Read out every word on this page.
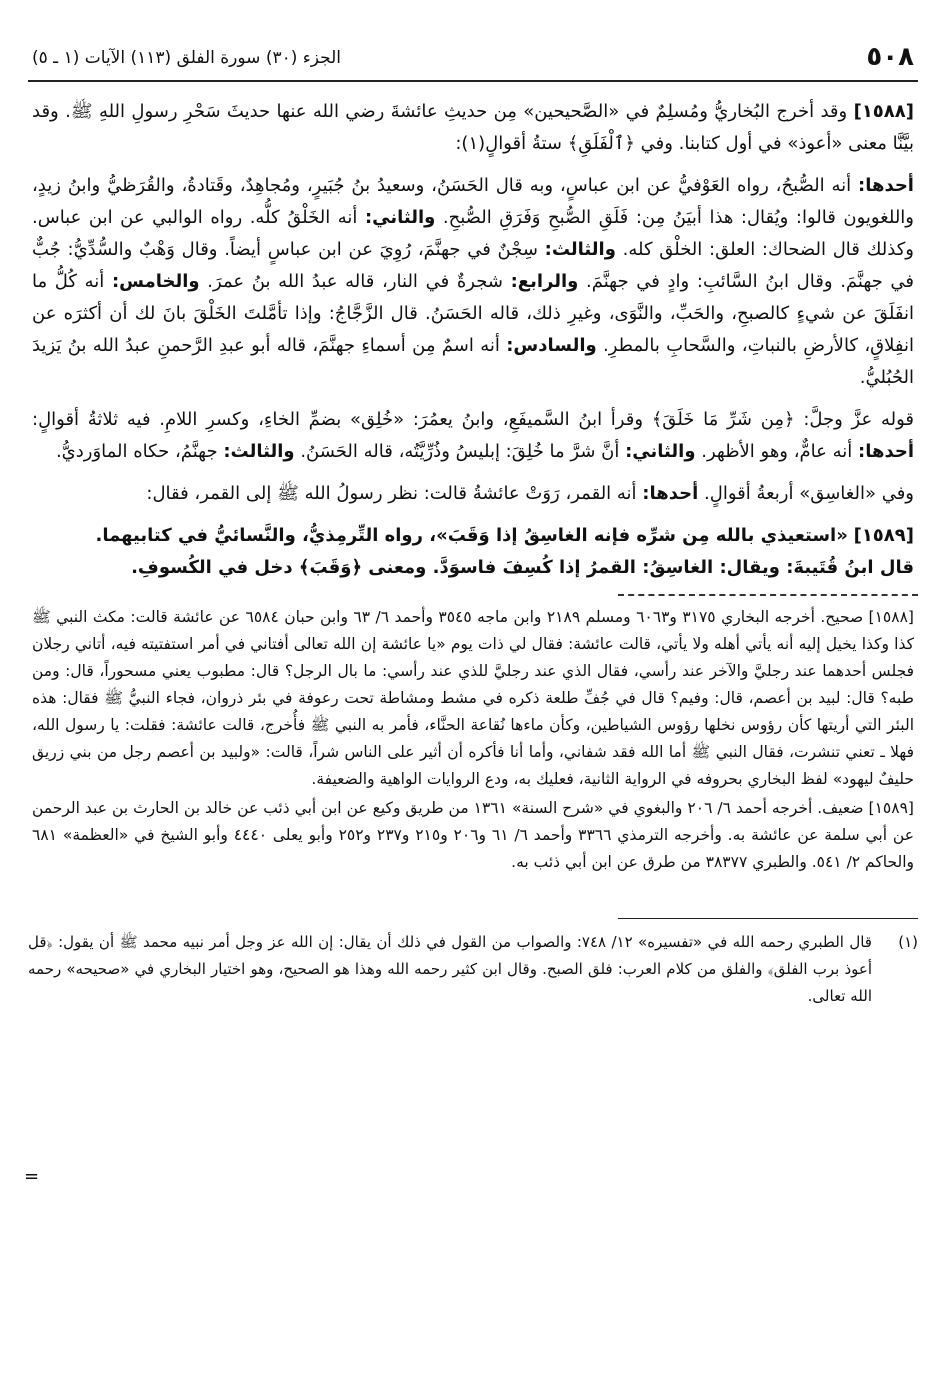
٥٠٨
الجزء (٣٠) سورة الفلق (١١٣) الآيات (١ ـ ٥)

[١٥٨٨] وقد أخرج البُخاريُّ ومُسلِمٌ في «الصَّحيحين» مِن حديثِ عائشةَ رضي الله عنها حديثَ سَحْرِ رسولِ اللهِ ﷺ. وقد بيَّنَّا معنى «أعوذ» في أول كتابنا. وفي ﴿ٱلْفَلَقِ﴾ ستةُ أقوالٍ(١):

أحدها: أنه الصُّبحُ، رواه العَوْفيُّ عن ابن عباسٍ، وبه قال الحَسَنُ، وسعيدُ بنُ جُبَيرٍ، ومُجاهِدٌ، وقَتادةُ، والقُرَظيُّ وابنُ زيدٍ، واللغويون قالوا: ويُقال: هذا أبيَنُ مِن: فَلَقِ الصُّبحِ وَفَرَقِ الصُّبحِ. والثاني: أنه الخَلْقُ كلُّه. رواه الوالبي عن ابن عباس. وكذلك قال الضحاك: العلق: الخلْق كله. والثالث: سِجْنٌ في جهنَّمَ، رُوِيَ عن ابن عباسٍ أيضاً. وقال وَهْبٌ والسُّدِّيُّ: جُبٌّ في جهنَّمَ. وقال ابنُ السَّائبِ: وادٍ في جهنَّمَ. والرابع: شجرةٌ في النار، قاله عبدُ الله بنُ عمرَ. والخامس: أنه كُلُّ ما انفَلَقَ عن شيءٍ كالصبحِ، والحَبِّ، والنَّوَى، وغيرِ ذلك، قاله الحَسَنُ. قال الزَّجَّاجُ: وإذا تأمَّلتَ الخَلْقَ بانَ لك أن أكثرَه عن انفِلاقٍ، كالأرضِ بالنباتِ، والسَّحابِ بالمطرِ. والسادس: أنه اسمٌ مِن أسماءِ جهنَّمَ، قاله أبو عبدِ الرَّحمنِ عبدُ الله بنُ يَزيدَ الحُبُليُّ.

قوله عزَّ وجلَّ: ﴿مِن شَرِّ مَا خَلَقَ﴾ وقرأ ابنُ السَّميفَعِ، وابنُ يعمُرَ: «خُلِق» بضمِّ الخاءِ، وكسرِ اللامِ. فيه ثلاثةُ أقوالٍ: أحدها: أنه عامٌّ، وهو الأظهر. والثاني: أنَّ شرَّ ما خُلِقَ: إبليسُ وذُرِّيَّتُه، قاله الحَسَنُ. والثالث: جهنَّمُ، حكاه الماوَرديُّ.

وفي «الغاسِق» أربعةُ أقوالٍ. أحدها: أنه القمر، رَوَتْ عائشةُ قالت: نظر رسولُ الله ﷺ إلى القمر، فقال:

[١٥٨٩] «استعيذي بالله مِن شرِّه فإنه الغاسِقُ إذا وَقَبَ»، رواه التِّرمِذيُّ، والنَّسائيُّ في كتابيهما.
قال ابنُ قُتَيبةَ: ويقال: الغاسِقُ: القمرُ إذا كُسِفَ فاسوَدَّ. ومعنى ﴿وَقَبَ﴾ دخل في الكُسوفِ.

[١٥٨٨] صحيح. أخرجه البخاري ٣١٧٥ و٦٠٦٣ ومسلم ٢١٨٩ وابن ماجه ٣٥٤٥ وأحمد ٦/ ٦٣ وابن حبان ٦٥٨٤ عن عائشة قالت: مكث النبي ﷺ كذا وكذا يخيل إليه أنه يأتي أهله ولا يأتي، قالت عائشة: فقال لي ذات يوم «يا عائشة إن الله تعالى أفتاني في أمر استفتيته فيه، أتاني رجلان فجلس أحدهما عند رجليَّ والآخر عند رأسي، فقال الذي عند رجليَّ للذي عند رأسي: ما بال الرجل؟ قال: مطبوب يعني مسحوراً، قال: ومن طبه؟ قال: لبيد بن أعصم، قال: وفيم؟ قال في جُفِّ طلعة ذكره في مشط ومشاطة تحت رعوفة في بئر ذروان، فجاء النبيُّ ﷺ فقال: هذه البئر التي أريتها كأن رؤوس نخلها رؤوس الشياطين، وكأن ماءها نُقاعة الحنَّاء، فأمر به النبي ﷺ فأُخرج، قالت عائشة: فقلت: يا رسول الله، فهلا ـ تعني تنشرت، فقال النبي ﷺ أما الله فقد شفاني، وأما أنا فأكره أن أثير على الناس شراً، قالت: «ولبيد بن أعصم رجل من بني زريق حليفٌ ليهود» لفظ البخاري بحروفه في الرواية الثانية، فعليك به، ودع الروايات الواهية والضعيفة.

[١٥٨٩] ضعيف. أخرجه أحمد ٦/ ٢٠٦ والبغوي في «شرح السنة» ١٣٦١ من طريق وكيع عن ابن أبي ذئب عن خالد بن الحارث بن عبد الرحمن عن أبي سلمة عن عائشة به. وأخرجه الترمذي ٣٣٦٦ وأحمد ٦/ ٦١ و٢٠٦ و٢١٥ و٢٣٧ و٢٥٢ وأبو يعلى ٤٤٤٠ وأبو الشيخ في «العظمة» ٦٨١ والحاكم ٢/ ٥٤١. والطبري ٣٨٣٧٧ من طرق عن ابن أبي ذئب به.

=
(١)
قال الطبري رحمه الله في «تفسيره» ١٢/ ٧٤٨: والصواب من القول في ذلك أن يقال: إن الله عز وجل أمر نبيه محمد ﷺ أن يقول: ﴿قل أعوذ برب الفلق﴾ والفلق من كلام العرب: فلق الصبح. وقال ابن كثير رحمه الله وهذا هو الصحيح، وهو اختيار البخاري في «صحيحه» رحمه الله تعالى.
